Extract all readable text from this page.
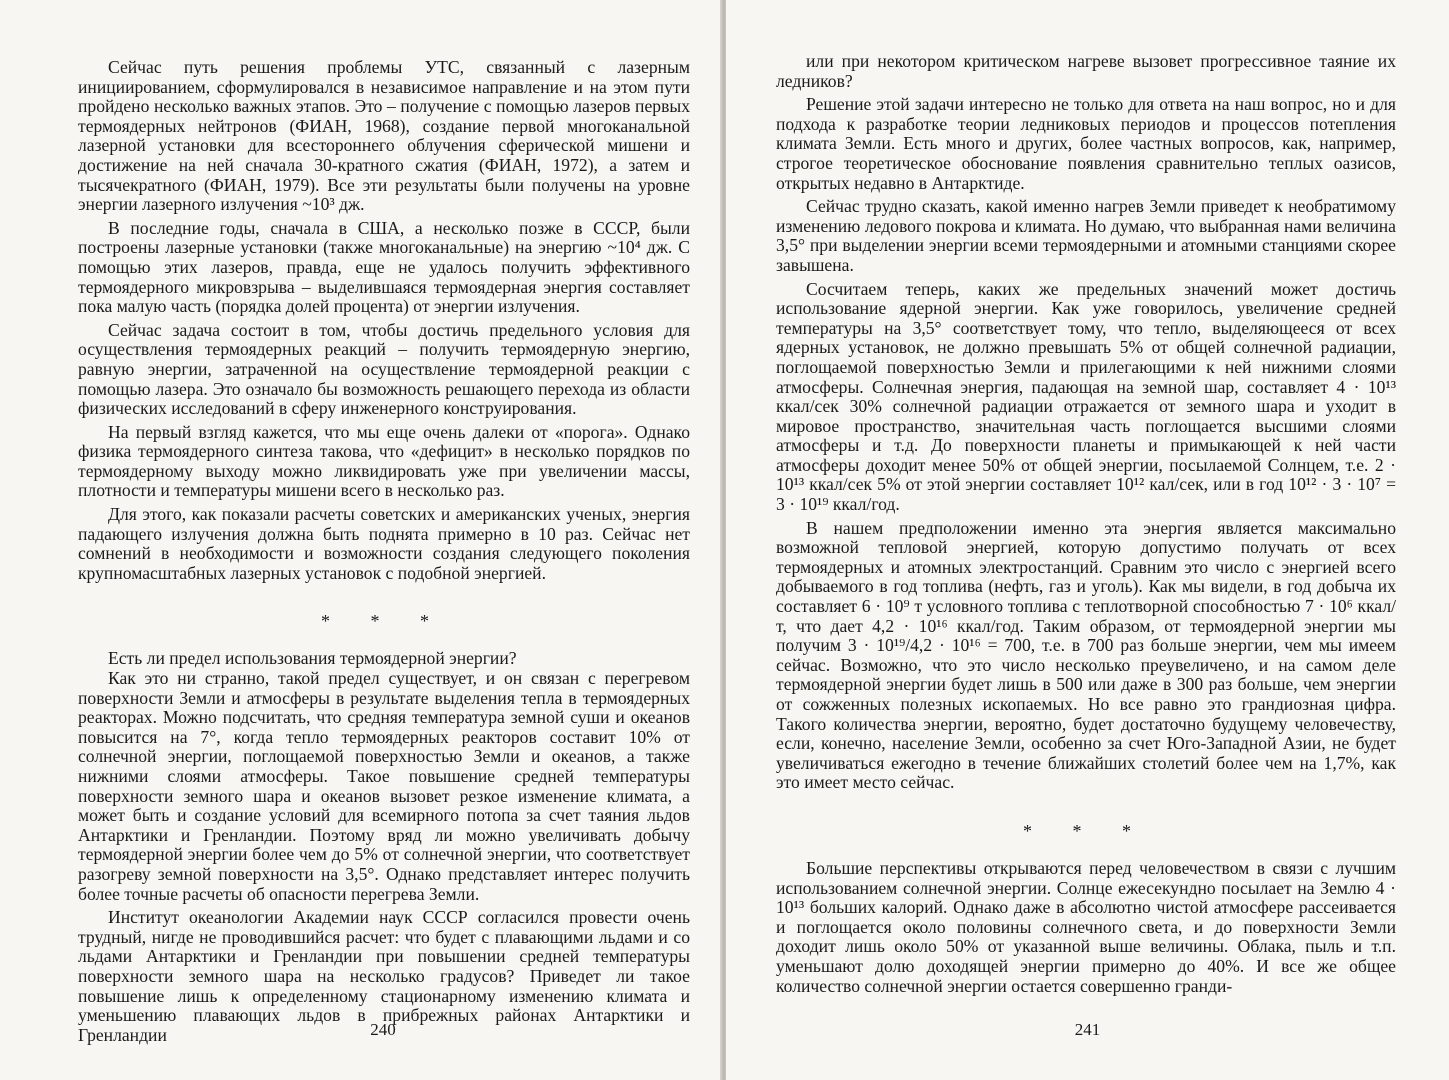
Сейчас путь решения проблемы УТС, связанный с лазерным инициированием, сформулировался в независимое направление и на этом пути пройдено несколько важных этапов. Это – получение с помощью лазеров первых термоядерных нейтронов (ФИАН, 1968), создание первой многоканальной лазерной установки для всестороннего облучения сферической мишени и достижение на ней сначала 30-кратного сжатия (ФИАН, 1972), а затем и тысячекратного (ФИАН, 1979). Все эти результаты были получены на уровне энергии лазерного излучения ~10³ дж.

В последние годы, сначала в США, а несколько позже в СССР, были построены лазерные установки (также многоканальные) на энергию ~10⁴ дж. С помощью этих лазеров, правда, еще не удалось получить эффективного термоядерного микровзрыва – выделившаяся термоядерная энергия составляет пока малую часть (порядка долей процента) от энергии излучения.

Сейчас задача состоит в том, чтобы достичь предельного условия для осуществления термоядерных реакций – получить термоядерную энергию, равную энергии, затраченной на осуществление термоядерной реакции с помощью лазера. Это означало бы возможность решающего перехода из области физических исследований в сферу инженерного конструирования.

На первый взгляд кажется, что мы еще очень далеки от «порога». Однако физика термоядерного синтеза такова, что «дефицит» в несколько порядков по термоядерному выходу можно ликвидировать уже при увеличении массы, плотности и температуры мишени всего в несколько раз.

Для этого, как показали расчеты советских и американских ученых, энергия падающего излучения должна быть поднята примерно в 10 раз. Сейчас нет сомнений в необходимости и возможности создания следующего поколения крупномасштабных лазерных установок с подобной энергией.

* * *

Есть ли предел использования термоядерной энергии?

Как это ни странно, такой предел существует, и он связан с перегревом поверхности Земли и атмосферы в результате выделения тепла в термоядерных реакторах. Можно подсчитать, что средняя температура земной суши и океанов повысится на 7°, когда тепло термоядерных реакторов составит 10% от солнечной энергии, поглощаемой поверхностью Земли и океанов, а также нижними слоями атмосферы. Такое повышение средней температуры поверхности земного шара и океанов вызовет резкое изменение климата, а может быть и создание условий для всемирного потопа за счет таяния льдов Антарктики и Гренландии. Поэтому вряд ли можно увеличивать добычу термоядерной энергии более чем до 5% от солнечной энергии, что соответствует разогреву земной поверхности на 3,5°. Однако представляет интерес получить более точные расчеты об опасности перегрева Земли.

Институт океанологии Академии наук СССР согласился провести очень трудный, нигде не проводившийся расчет: что будет с плавающими льдами и со льдами Антарктики и Гренландии при повышении средней температуры поверхности земного шара на несколько градусов? Приведет ли такое повышение лишь к определенному стационарному изменению климата и уменьшению плавающих льдов в прибрежных районах Антарктики и Гренландии	240

или при некотором критическом нагреве вызовет прогрессивное таяние их ледников?

Решение этой задачи интересно не только для ответа на наш вопрос, но и для подхода к разработке теории ледниковых периодов и процессов потепления климата Земли. Есть много и других, более частных вопросов, как, например, строгое теоретическое обоснование появления сравнительно теплых оазисов, открытых недавно в Антарктиде.

Сейчас трудно сказать, какой именно нагрев Земли приведет к необратимому изменению ледового покрова и климата. Но думаю, что выбранная нами величина 3,5° при выделении энергии всеми термоядерными и атомными станциями скорее завышена.

Сосчитаем теперь, каких же предельных значений может достичь использование ядерной энергии. Как уже говорилось, увеличение средней температуры на 3,5° соответствует тому, что тепло, выделяющееся от всех ядерных установок, не должно превышать 5% от общей солнечной радиации, поглощаемой поверхностью Земли и прилегающими к ней нижними слоями атмосферы. Солнечная энергия, падающая на земной шар, составляет 4 · 10¹³ ккал/сек 30% солнечной радиации отражается от земного шара и уходит в мировое пространство, значительная часть поглощается высшими слоями атмосферы и т.д. До поверхности планеты и примыкающей к ней части атмосферы доходит менее 50% от общей энергии, посылаемой Солнцем, т.е. 2 · 10¹³ ккал/сек 5% от этой энергии составляет 10¹² кал/сек, или в год 10¹² · 3 · 10⁷ = 3 · 10¹⁹ ккал/год.

В нашем предположении именно эта энергия является максимально возможной тепловой энергией, которую допустимо получать от всех термоядерных и атомных электростанций. Сравним это число с энергией всего добываемого в год топлива (нефть, газ и уголь). Как мы видели, в год добыча их составляет 6 · 10⁹ т условного топлива с теплотворной способностью 7 · 10⁶ ккал/т, что дает 4,2 · 10¹⁶ ккал/год. Таким образом, от термоядерной энергии мы получим 3 · 10¹⁹/4,2 · 10¹⁶ = 700, т.е. в 700 раз больше энергии, чем мы имеем сейчас. Возможно, что это число несколько преувеличено, и на самом деле термоядерной энергии будет лишь в 500 или даже в 300 раз больше, чем энергии от сожженных полезных ископаемых. Но все равно это грандиозная цифра. Такого количества энергии, вероятно, будет достаточно будущему человечеству, если, конечно, население Земли, особенно за счет Юго-Западной Азии, не будет увеличиваться ежегодно в течение ближайших столетий более чем на 1,7%, как это имеет место сейчас.

* * *

Большие перспективы открываются перед человечеством в связи с лучшим использованием солнечной энергии. Солнце ежесекундно посылает на Землю 4 · 10¹³ больших калорий. Однако даже в абсолютно чистой атмосфере рассеивается и поглощается около половины солнечного света, и до поверхности Земли доходит лишь около 50% от указанной выше величины. Облака, пыль и т.п. уменьшают долю доходящей энергии примерно до 40%. И все же общее количество солнечной энергии остается совершенно гранди-

241
